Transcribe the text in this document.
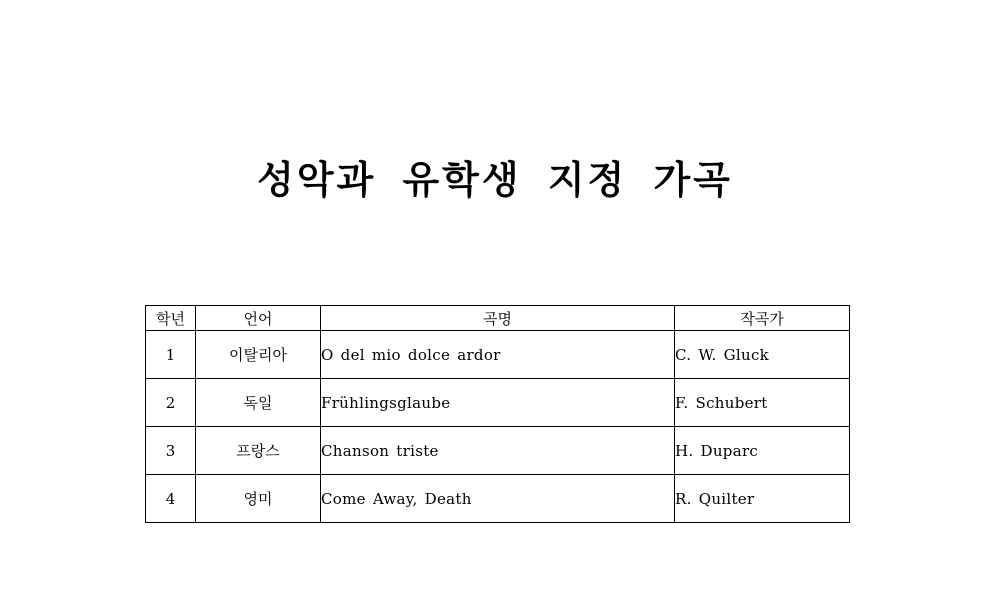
성악과 유학생 지정 가곡
학년	언어	곡명	작곡가
1	이탈리아	O del mio dolce ardor	C. W. Gluck
2	독일	Frühlingsglaube	F. Schubert
3	프랑스	Chanson triste	H. Duparc
4	영미	Come Away, Death	R. Quilter
